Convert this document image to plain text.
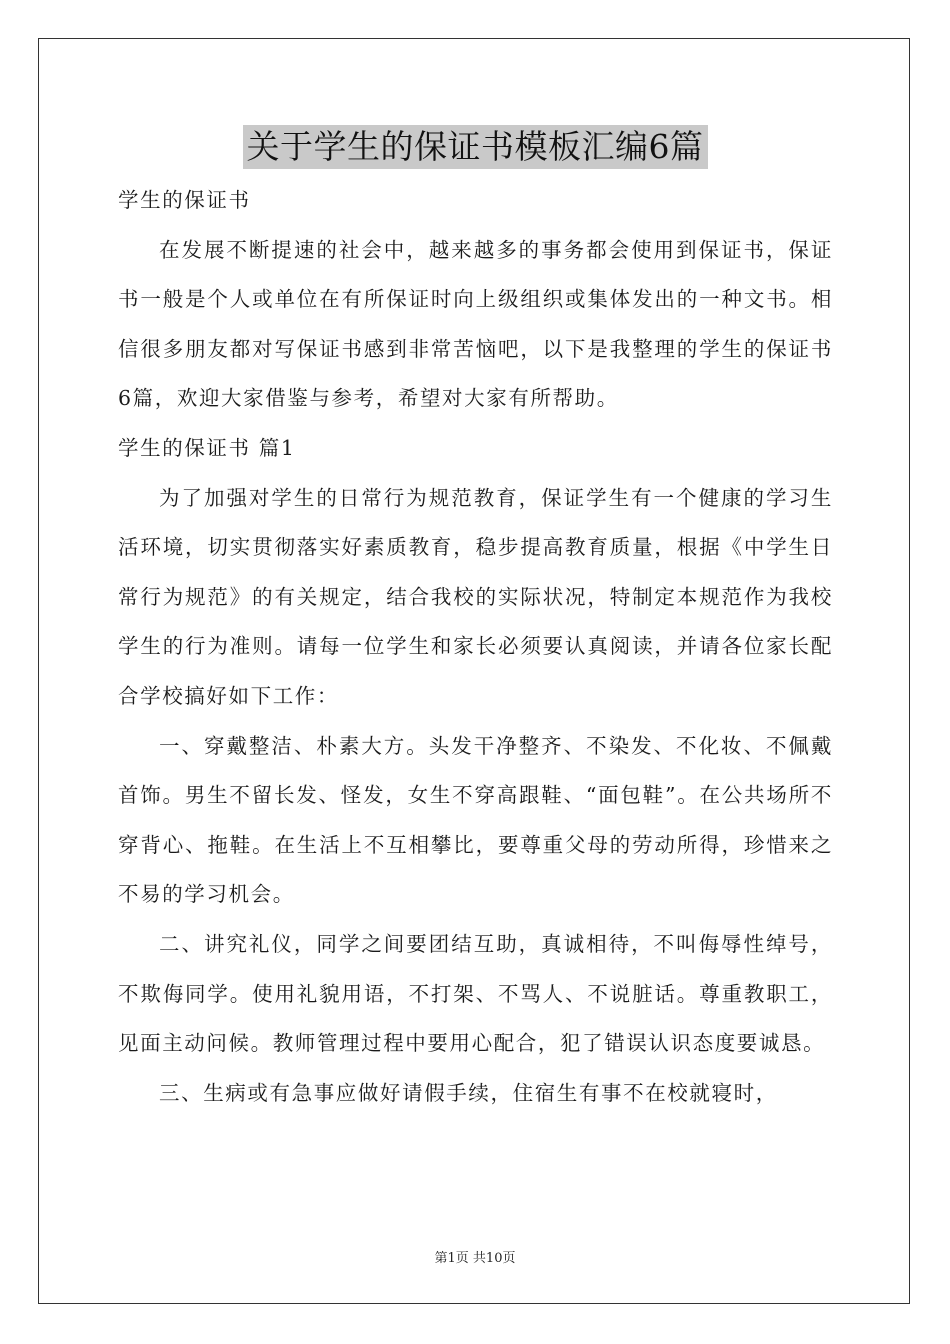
关于学生的保证书模板汇编6篇
学生的保证书

在发展不断提速的社会中，越来越多的事务都会使用到保证书，保证书一般是个人或单位在有所保证时向上级组织或集体发出的一种文书。相信很多朋友都对写保证书感到非常苦恼吧，以下是我整理的学生的保证书6篇，欢迎大家借鉴与参考，希望对大家有所帮助。

学生的保证书 篇1

为了加强对学生的日常行为规范教育，保证学生有一个健康的学习生活环境，切实贯彻落实好素质教育，稳步提高教育质量，根据《中学生日常行为规范》的有关规定，结合我校的实际状况，特制定本规范作为我校学生的行为准则。请每一位学生和家长必须要认真阅读，并请各位家长配合学校搞好如下工作：

一、穿戴整洁、朴素大方。头发干净整齐、不染发、不化妆、不佩戴首饰。男生不留长发、怪发，女生不穿高跟鞋、“面包鞋”。在公共场所不穿背心、拖鞋。在生活上不互相攀比，要尊重父母的劳动所得，珍惜来之不易的学习机会。

二、讲究礼仪，同学之间要团结互助，真诚相待，不叫侮辱性绰号，不欺侮同学。使用礼貌用语，不打架、不骂人、不说脏话。尊重教职工，见面主动问候。教师管理过程中要用心配合，犯了错误认识态度要诚恳。

三、生病或有急事应做好请假手续，住宿生有事不在校就寝时，

第1页 共10页
